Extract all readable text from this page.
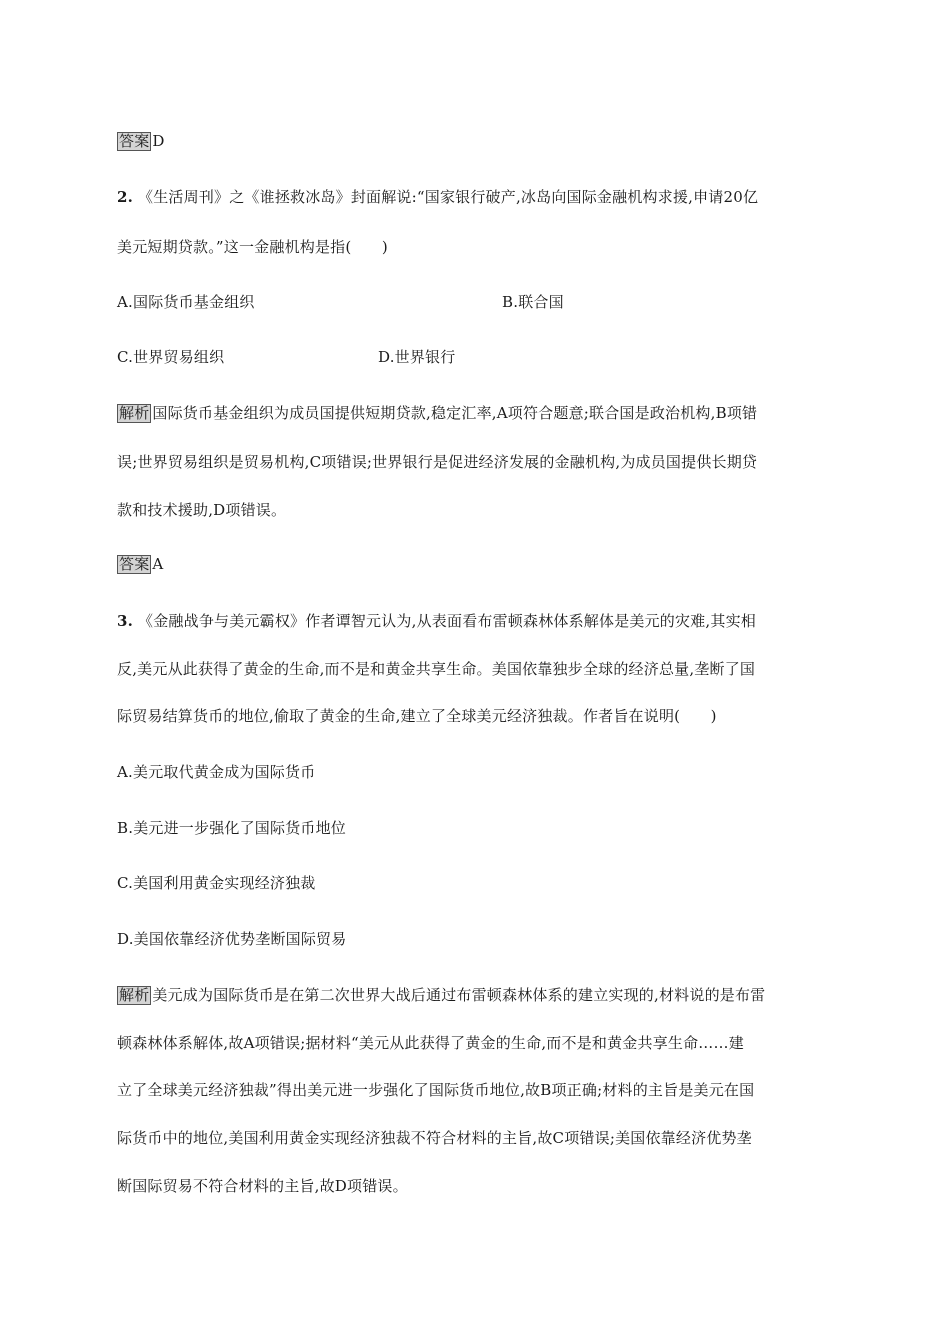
答案 D
2. 《生活周刊》之《谁拯救冰岛》封面解说:“国家银行破产,冰岛向国际金融机构求援,申请20亿
美元短期贷款。”这一金融机构是指(　　)
A.国际货币基金组织	B.联合国
C.世界贸易组织	D.世界银行
解析 国际货币基金组织为成员国提供短期贷款,稳定汇率,A项符合题意;联合国是政治机构,B项错
误;世界贸易组织是贸易机构,C项错误;世界银行是促进经济发展的金融机构,为成员国提供长期贷
款和技术援助,D项错误。
答案 A
3. 《金融战争与美元霸权》作者谭智元认为,从表面看布雷顿森林体系解体是美元的灾难,其实相
反,美元从此获得了黄金的生命,而不是和黄金共享生命。美国依靠独步全球的经济总量,垄断了国
际贸易结算货币的地位,偷取了黄金的生命,建立了全球美元经济独裁。作者旨在说明(　　)
A.美元取代黄金成为国际货币
B.美元进一步强化了国际货币地位
C.美国利用黄金实现经济独裁
D.美国依靠经济优势垄断国际贸易
解析 美元成为国际货币是在第二次世界大战后通过布雷顿森林体系的建立实现的,材料说的是布雷
顿森林体系解体,故A项错误;据材料“美元从此获得了黄金的生命,而不是和黄金共享生命……建
立了全球美元经济独裁”得出美元进一步强化了国际货币地位,故B项正确;材料的主旨是美元在国
际货币中的地位,美国利用黄金实现经济独裁不符合材料的主旨,故C项错误;美国依靠经济优势垄
断国际贸易不符合材料的主旨,故D项错误。
